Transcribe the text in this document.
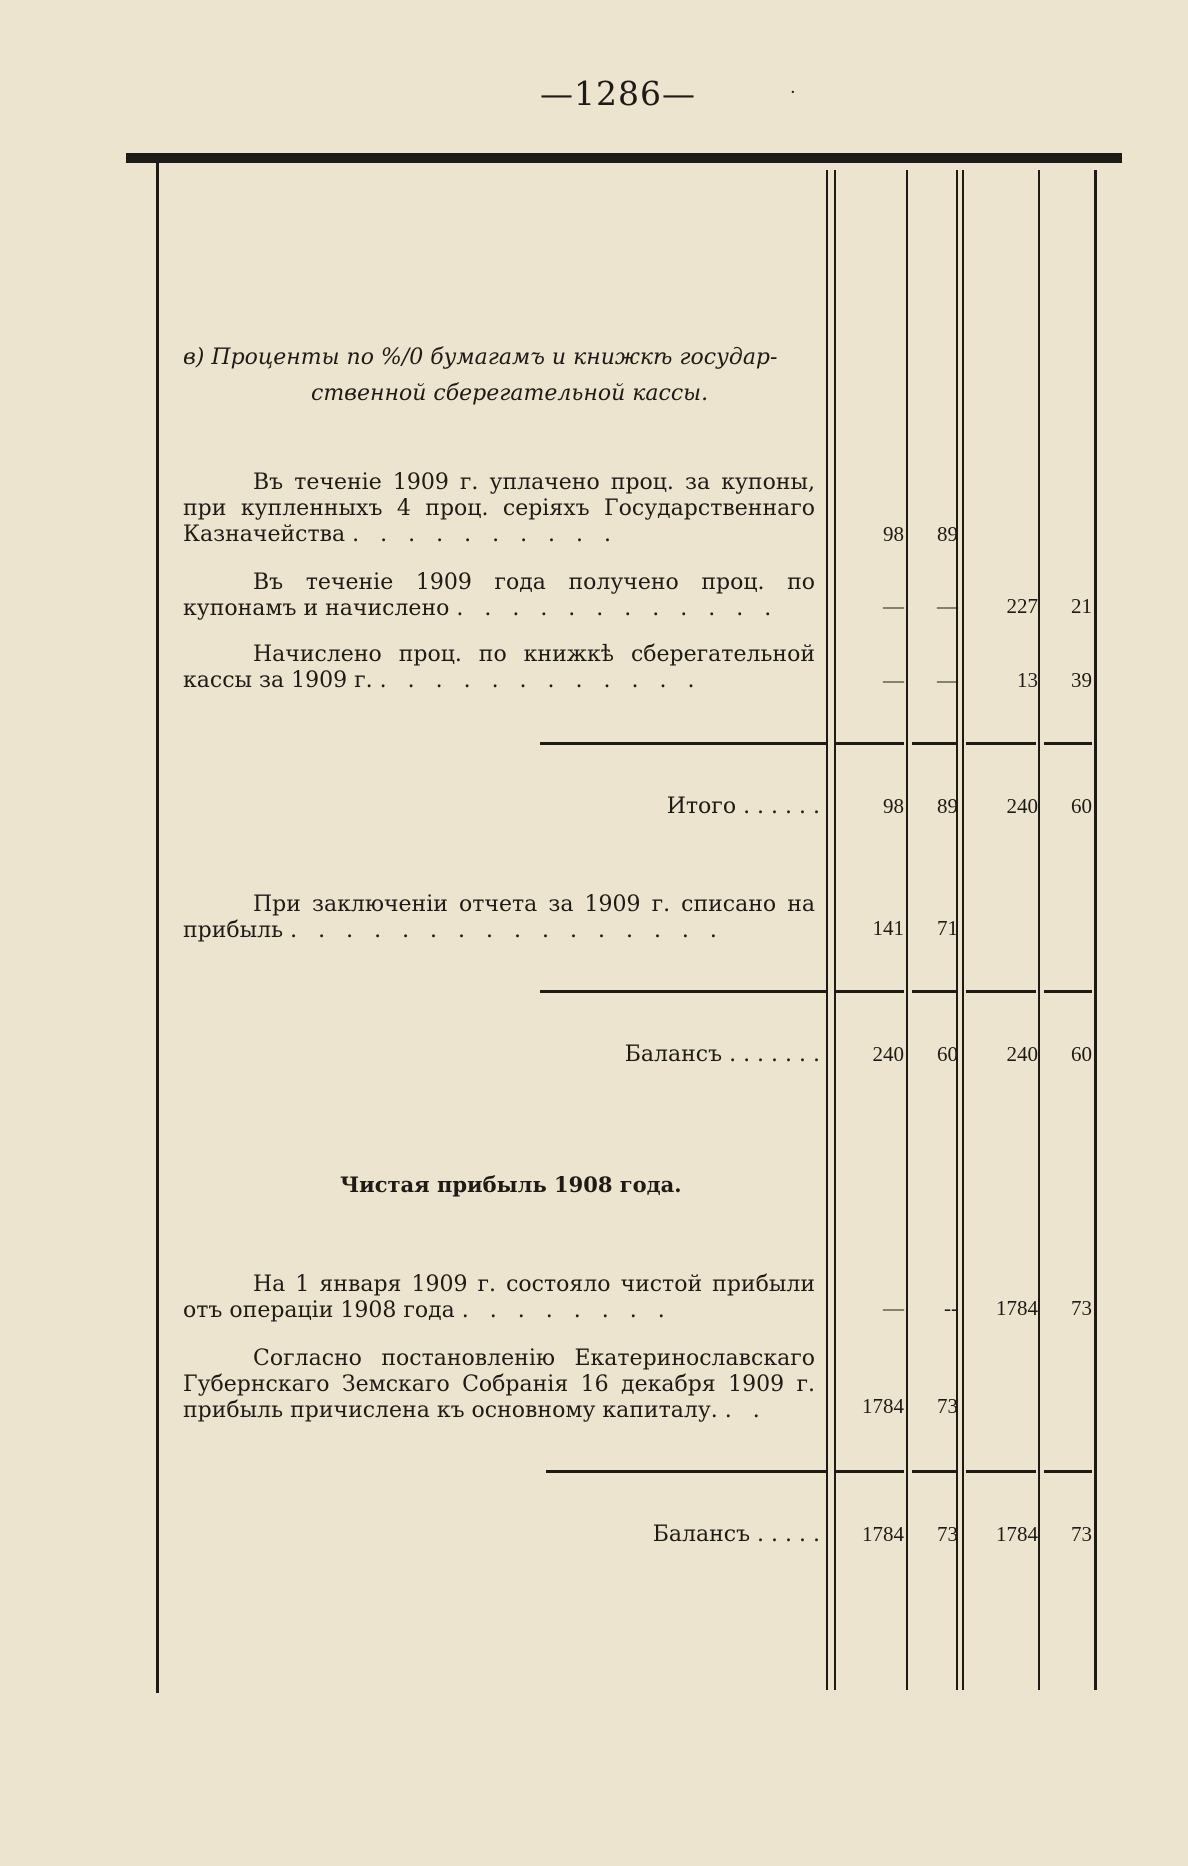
—1286—	·
в) Проценты по %/0 бумагамъ и книжкѣ государ-
ственной сберегательной кассы.
Въ теченіе 1909 г. уплачено проц. за купоны, при купленныхъ 4 проц. серіяхъ Государственнаго Казначейства . . . . . . . . . .	98	89
Въ теченіе 1909 года получено проц. по купонамъ и начислено . . . . . . . . . . . .	—	—	227	21
Начислено проц. по книжкѣ сберегательной кассы за 1909 г. . . . . . . . . . . . .	—	—	13	39
Итого . . . . . .	98	89	240	60
При заключеніи отчета за 1909 г. списано на прибыль . . . . . . . . . . . . . . . .	141	71
Балансъ . . . . . . .	240	60	240	60
Чистая прибыль 1908 года.
На 1 января 1909 г. состояло чистой прибыли отъ операціи 1908 года . . . . . . . .	—	--	1784	73
Согласно постановленію Екатеринославскаго Губернскаго Земскаго Собранія 16 декабря 1909 г. прибыль причислена къ основному капиталу. . .	1784	73
Балансъ . . . . .	1784	73	1784	73
